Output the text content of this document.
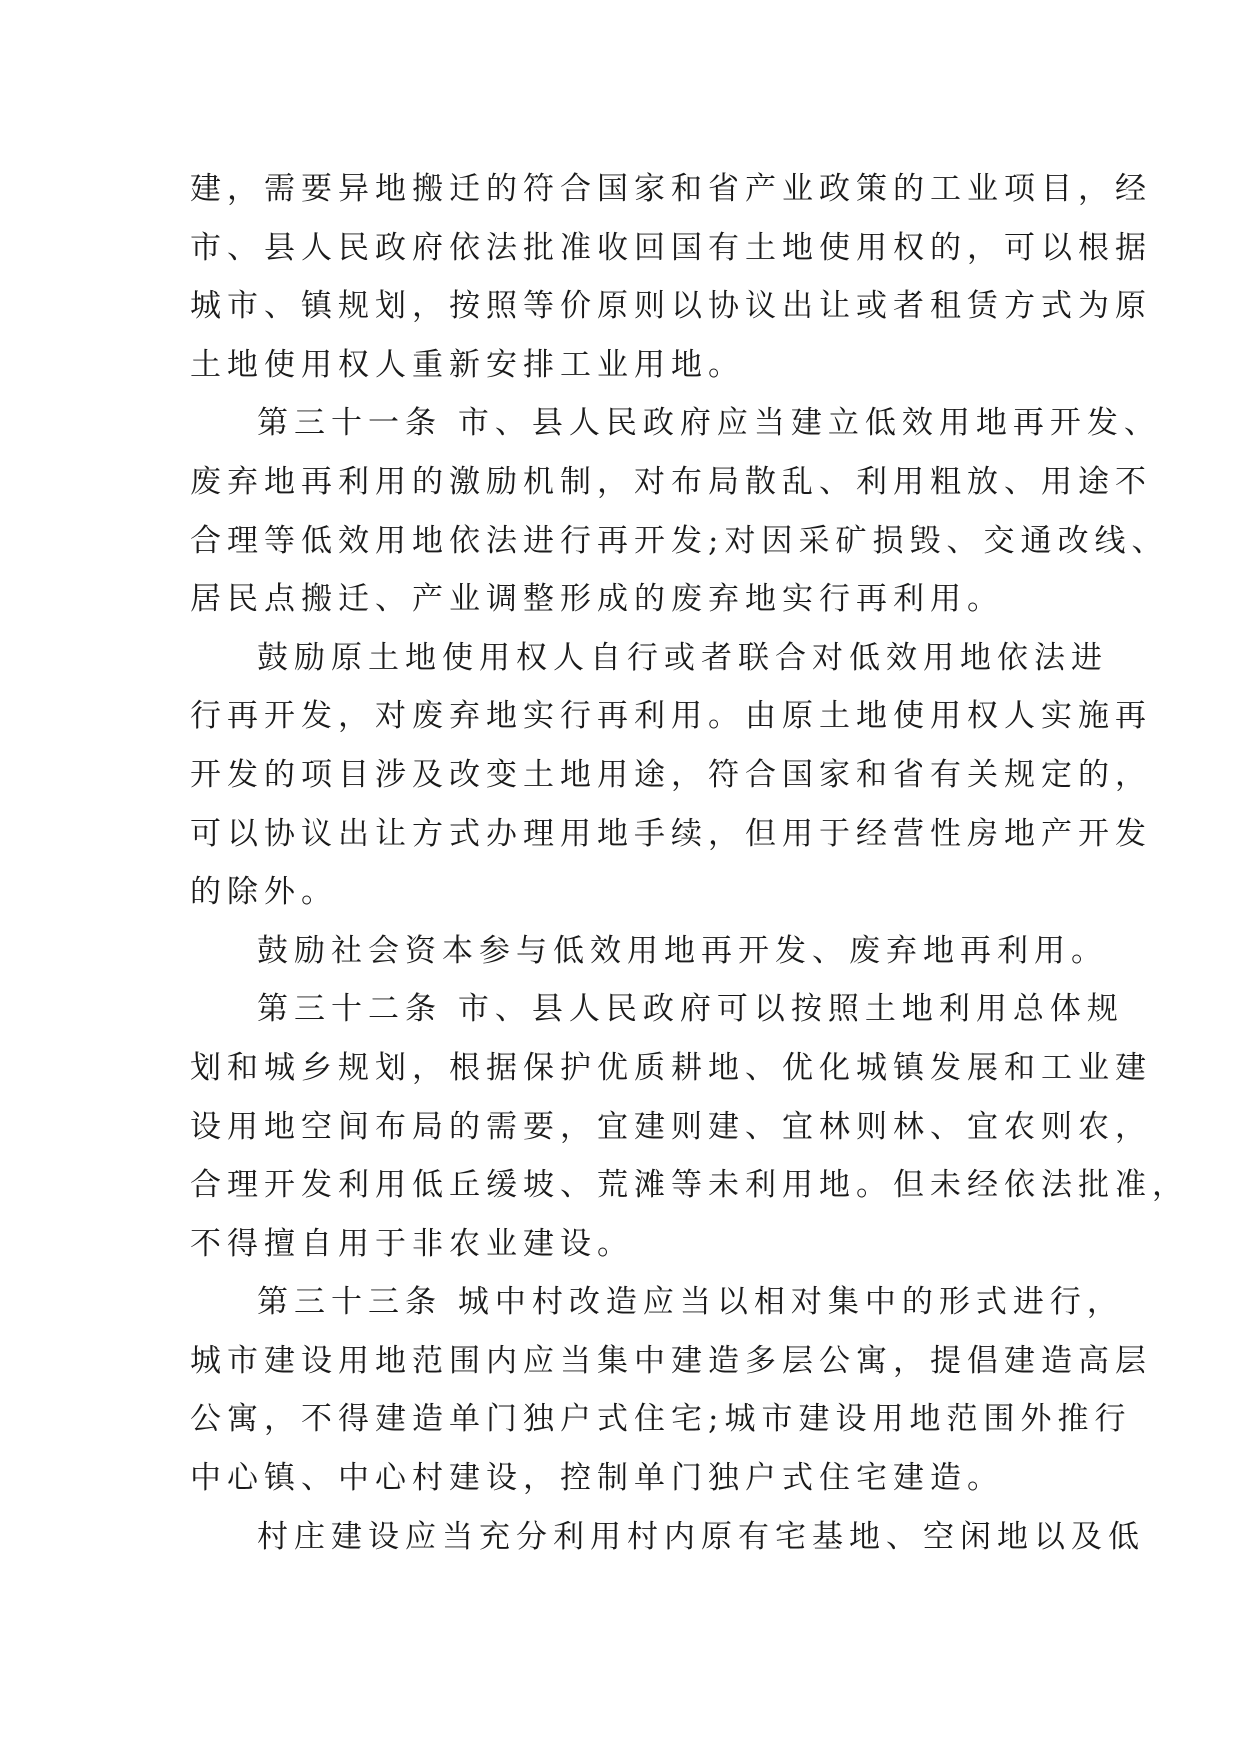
建，需要异地搬迁的符合国家和省产业政策的工业项目，经
市、县人民政府依法批准收回国有土地使用权的，可以根据
城市、镇规划，按照等价原则以协议出让或者租赁方式为原
土地使用权人重新安排工业用地。
第三十一条 市、县人民政府应当建立低效用地再开发、
废弃地再利用的激励机制，对布局散乱、利用粗放、用途不
合理等低效用地依法进行再开发;对因采矿损毁、交通改线、
居民点搬迁、产业调整形成的废弃地实行再利用。
鼓励原土地使用权人自行或者联合对低效用地依法进
行再开发，对废弃地实行再利用。由原土地使用权人实施再
开发的项目涉及改变土地用途，符合国家和省有关规定的，
可以协议出让方式办理用地手续，但用于经营性房地产开发
的除外。
鼓励社会资本参与低效用地再开发、废弃地再利用。
第三十二条 市、县人民政府可以按照土地利用总体规
划和城乡规划，根据保护优质耕地、优化城镇发展和工业建
设用地空间布局的需要，宜建则建、宜林则林、宜农则农，
合理开发利用低丘缓坡、荒滩等未利用地。但未经依法批准，
不得擅自用于非农业建设。
第三十三条 城中村改造应当以相对集中的形式进行，
城市建设用地范围内应当集中建造多层公寓，提倡建造高层
公寓，不得建造单门独户式住宅;城市建设用地范围外推行
中心镇、中心村建设，控制单门独户式住宅建造。
村庄建设应当充分利用村内原有宅基地、空闲地以及低
